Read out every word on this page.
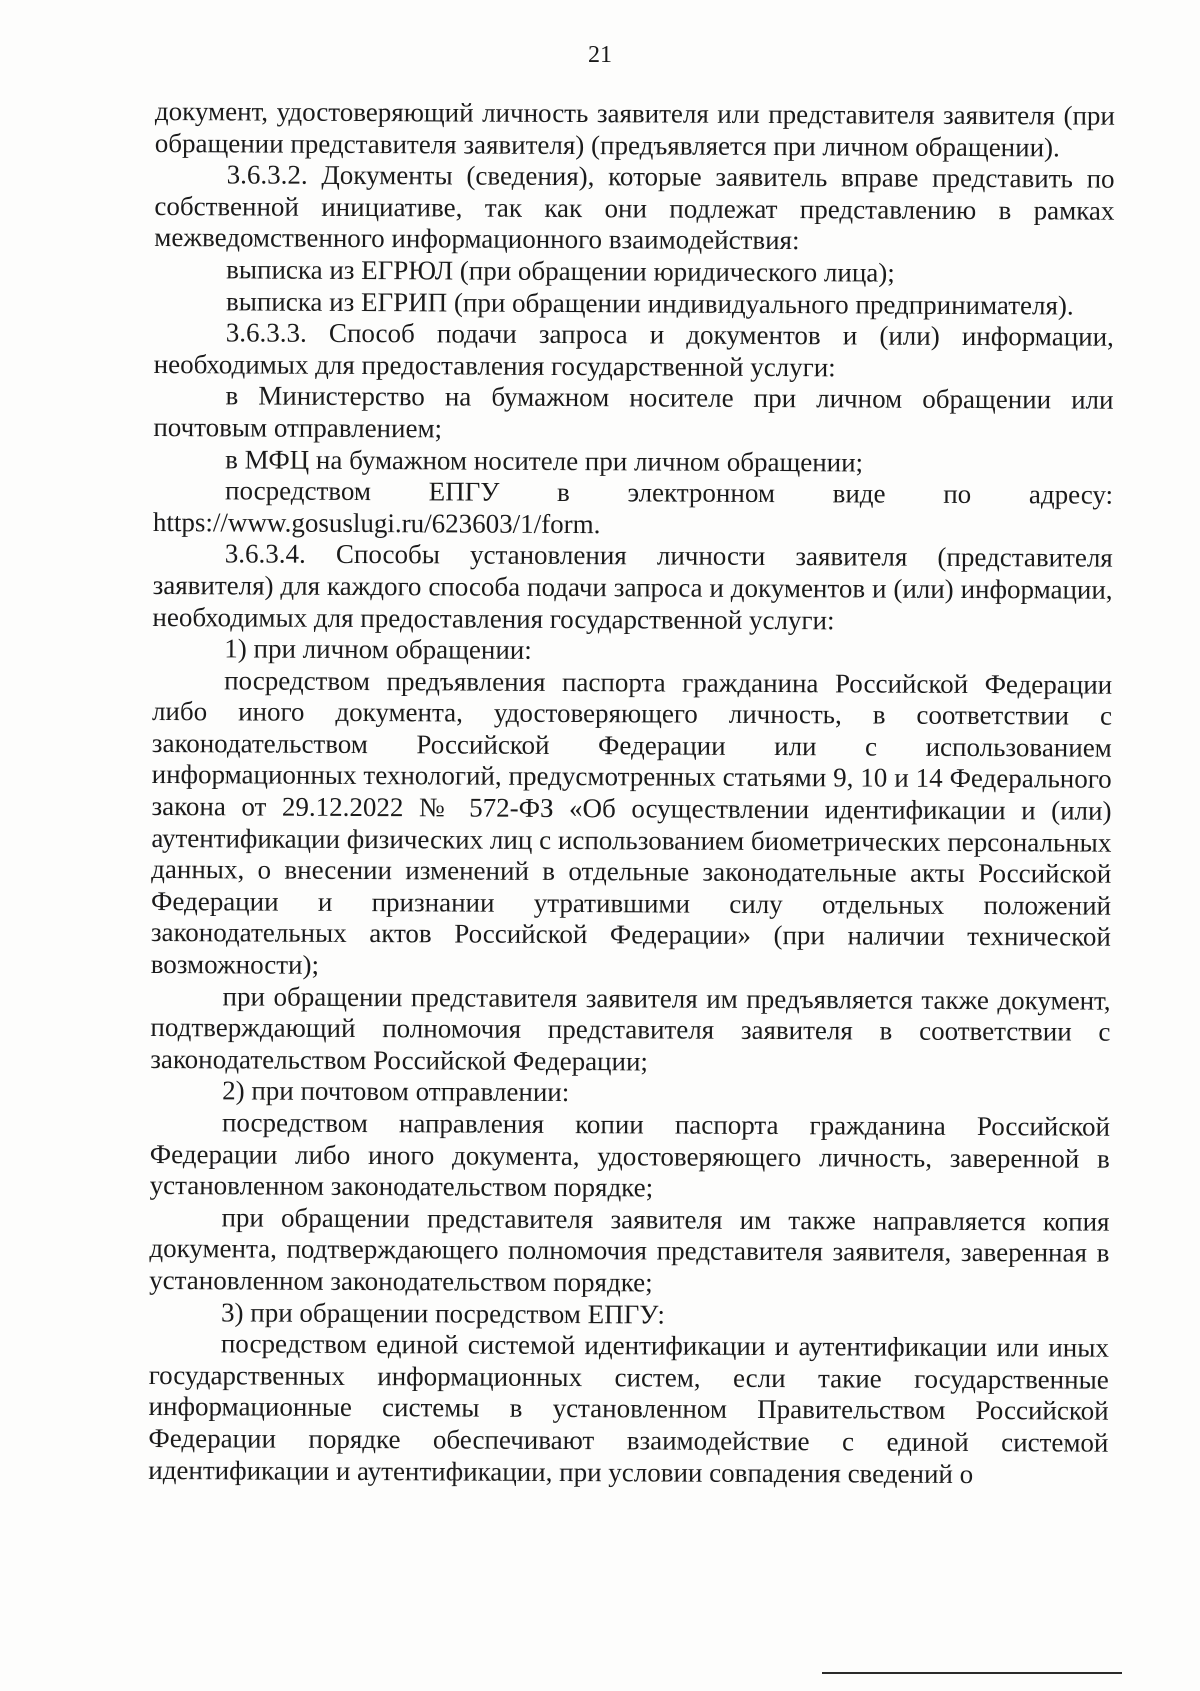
21

документ, удостоверяющий личность заявителя или представителя заявителя (при обращении представителя заявителя) (предъявляется при личном обращении).

3.6.3.2. Документы (сведения), которые заявитель вправе представить по собственной инициативе, так как они подлежат представлению в рамках межведомственного информационного взаимодействия:

выписка из ЕГРЮЛ (при обращении юридического лица);

выписка из ЕГРИП (при обращении индивидуального предпринимателя).

3.6.3.3. Способ подачи запроса и документов и (или) информации, необходимых для предоставления государственной услуги:

в Министерство на бумажном носителе при личном обращении или почтовым отправлением;

в МФЦ на бумажном носителе при личном обращении;

посредством ЕПГУ в электронном виде по адресу: https://www.gosuslugi.ru/623603/1/form.

3.6.3.4. Способы установления личности заявителя (представителя заявителя) для каждого способа подачи запроса и документов и (или) информации, необходимых для предоставления государственной услуги:

1) при личном обращении:

посредством предъявления паспорта гражданина Российской Федерации либо иного документа, удостоверяющего личность, в соответствии с законодательством Российской Федерации или с использованием информационных технологий, предусмотренных статьями 9, 10 и 14 Федерального закона от 29.12.2022 № 572-ФЗ «Об осуществлении идентификации и (или) аутентификации физических лиц с использованием биометрических персональных данных, о внесении изменений в отдельные законодательные акты Российской Федерации и признании утратившими силу отдельных положений законодательных актов Российской Федерации» (при наличии технической возможности);

при обращении представителя заявителя им предъявляется также документ, подтверждающий полномочия представителя заявителя в соответствии с законодательством Российской Федерации;

2) при почтовом отправлении:

посредством направления копии паспорта гражданина Российской Федерации либо иного документа, удостоверяющего личность, заверенной в установленном законодательством порядке;

при обращении представителя заявителя им также направляется копия документа, подтверждающего полномочия представителя заявителя, заверенная в установленном законодательством порядке;

3) при обращении посредством ЕПГУ:

посредством единой системой идентификации и аутентификации или иных государственных информационных систем, если такие государственные информационные системы в установленном Правительством Российской Федерации порядке обеспечивают взаимодействие с единой системой идентификации и аутентификации, при условии совпадения сведений о
